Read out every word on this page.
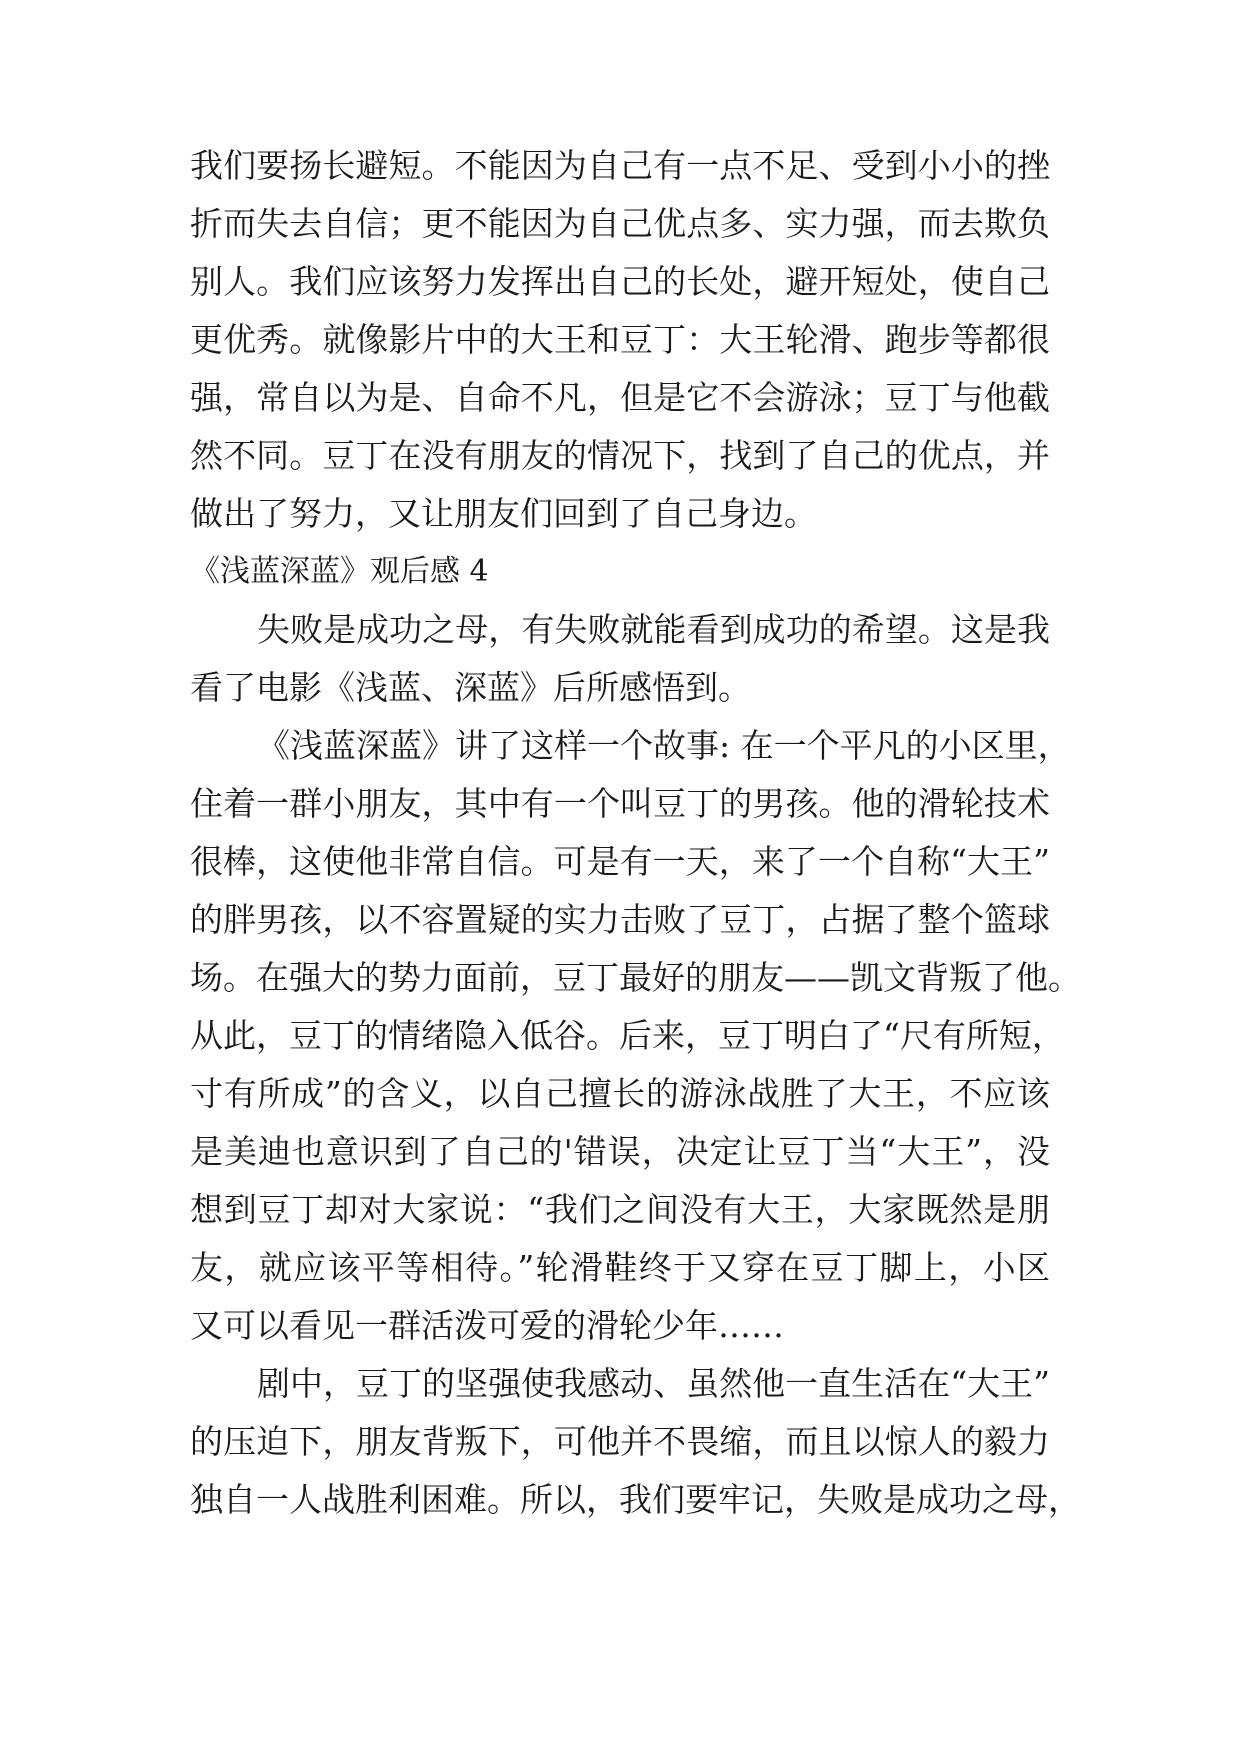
我们要扬长避短。不能因为自己有一点不足、受到小小的挫
折而失去自信；更不能因为自己优点多、实力强，而去欺负
别人。我们应该努力发挥出自己的长处，避开短处，使自己
更优秀。就像影片中的大王和豆丁：大王轮滑、跑步等都很
强，常自以为是、自命不凡，但是它不会游泳；豆丁与他截
然不同。豆丁在没有朋友的情况下，找到了自己的优点，并
做出了努力，又让朋友们回到了自己身边。
《浅蓝深蓝》观后感 4
失败是成功之母，有失败就能看到成功的希望。这是我
看了电影《浅蓝、深蓝》后所感悟到。
《浅蓝深蓝》讲了这样一个故事: 在一个平凡的小区里，
住着一群小朋友，其中有一个叫豆丁的男孩。他的滑轮技术
很棒，这使他非常自信。可是有一天，来了一个自称“大王”
的胖男孩，以不容置疑的实力击败了豆丁，占据了整个篮球
场。在强大的势力面前，豆丁最好的朋友——凯文背叛了他。
从此，豆丁的情绪隐入低谷。后来，豆丁明白了“尺有所短，
寸有所成”的含义，以自己擅长的游泳战胜了大王，不应该
是美迪也意识到了自己的'错误，决定让豆丁当“大王”，没
想到豆丁却对大家说：“我们之间没有大王，大家既然是朋
友，就应该平等相待。”轮滑鞋终于又穿在豆丁脚上，小区
又可以看见一群活泼可爱的滑轮少年……
剧中，豆丁的坚强使我感动、虽然他一直生活在“大王”
的压迫下，朋友背叛下，可他并不畏缩，而且以惊人的毅力
独自一人战胜利困难。所以，我们要牢记，失败是成功之母，
